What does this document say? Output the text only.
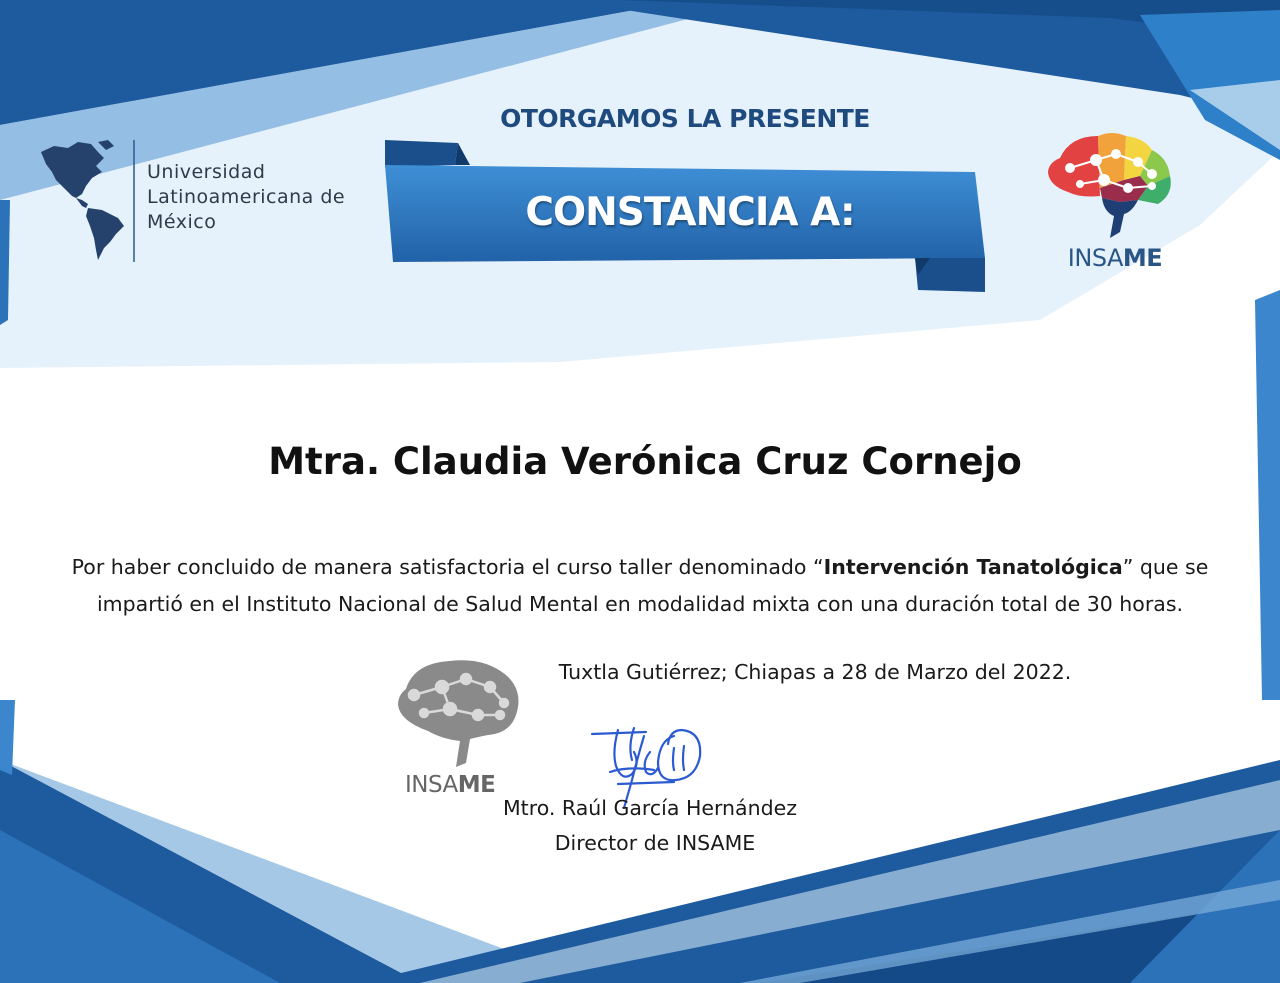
Universidad
Latinoamericana de
México
OTORGAMOS LA PRESENTE
CONSTANCIA A:
INSAME
Mtra. Claudia Verónica Cruz Cornejo
Por haber concluido de manera satisfactoria el curso taller denominado “Intervención Tanatológica” que se impartió en el Instituto Nacional de Salud Mental en modalidad mixta con una duración total de 30 horas.
Tuxtla Gutiérrez; Chiapas a 28 de Marzo del 2022.
INSAME
Mtro. Raúl García Hernández
Director de INSAME
